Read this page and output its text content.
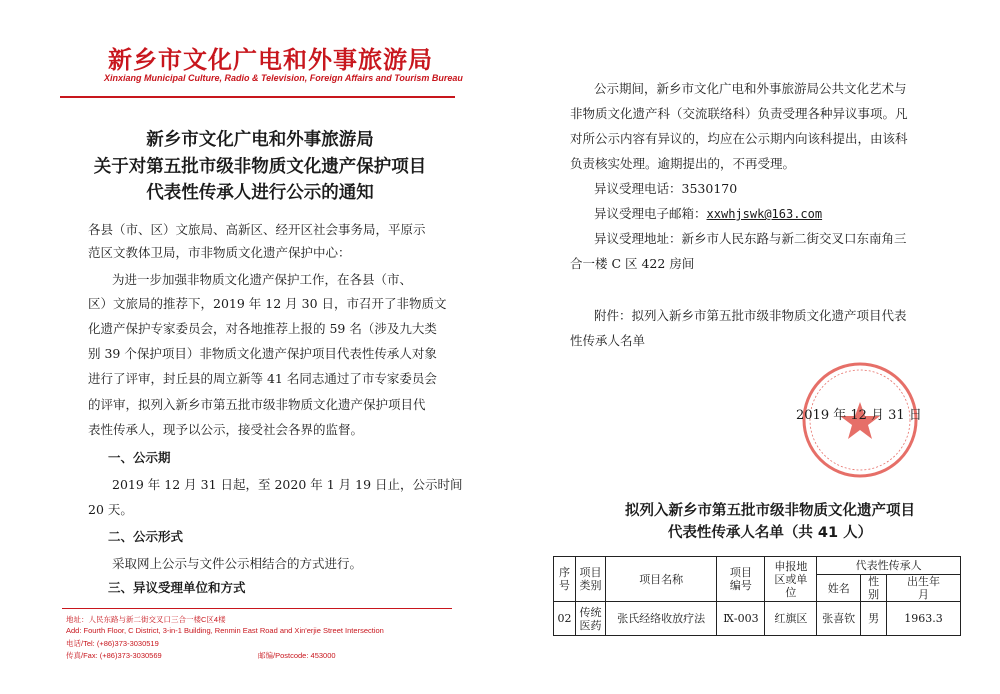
新乡市文化广电和外事旅游局
Xinxiang Municipal Culture, Radio & Television, Foreign Affairs and Tourism Bureau
新乡市文化广电和外事旅游局
关于对第五批市级非物质文化遗产保护项目
代表性传承人进行公示的通知
各县（市、区）文旅局、高新区、经开区社会事务局，平原示
范区文教体卫局，市非物质文化遗产保护中心：
为进一步加强非物质文化遗产保护工作，在各县（市、
区）文旅局的推荐下，2019 年 12 月 30 日，市召开了非物质文
化遗产保护专家委员会，对各地推荐上报的 59 名（涉及九大类
别 39 个保护项目）非物质文化遗产保护项目代表性传承人对象
进行了评审，封丘县的周立新等 41 名同志通过了市专家委员会
的评审，拟列入新乡市第五批市级非物质文化遗产保护项目代
表性传承人，现予以公示，接受社会各界的监督。
一、公示期
2019 年 12 月 31 日起，至 2020 年 1 月 19 日止，公示时间
20 天。
二、公示形式
采取网上公示与文件公示相结合的方式进行。
三、异议受理单位和方式
地址：人民东路与新二街交叉口三合一楼C区4楼
Add: Fourth Floor, C District, 3-in-1 Building, Renmin East Road and Xin'erjie Street Intersection
电话/Tel: (+86)373-3030519
传真/Fax: (+86)373-3030569	邮编/Postcode: 453000
公示期间，新乡市文化广电和外事旅游局公共文化艺术与
非物质文化遗产科（交流联络科）负责受理各种异议事项。凡
对所公示内容有异议的，均应在公示期内向该科提出，由该科
负责核实处理。逾期提出的，不再受理。
异议受理电话：3530170
异议受理电子邮箱：xxwhjswk@163.com
异议受理地址：新乡市人民东路与新二街交叉口东南角三
合一楼 C 区 422 房间
附件：拟列入新乡市第五批市级非物质文化遗产项目代表
性传承人名单
2019 年 12 月 31 日
拟列入新乡市第五批市级非物质文化遗产项目
代表性传承人名单（共 41 人）
序号	项目类别	项目名称	项目编号	申报地区或单位	代表性传承人		
					姓名	性别	出生年月
02	传统医药	张氏经络收放疗法	Ⅸ-003	红旗区	张喜钦	男	1963.3
